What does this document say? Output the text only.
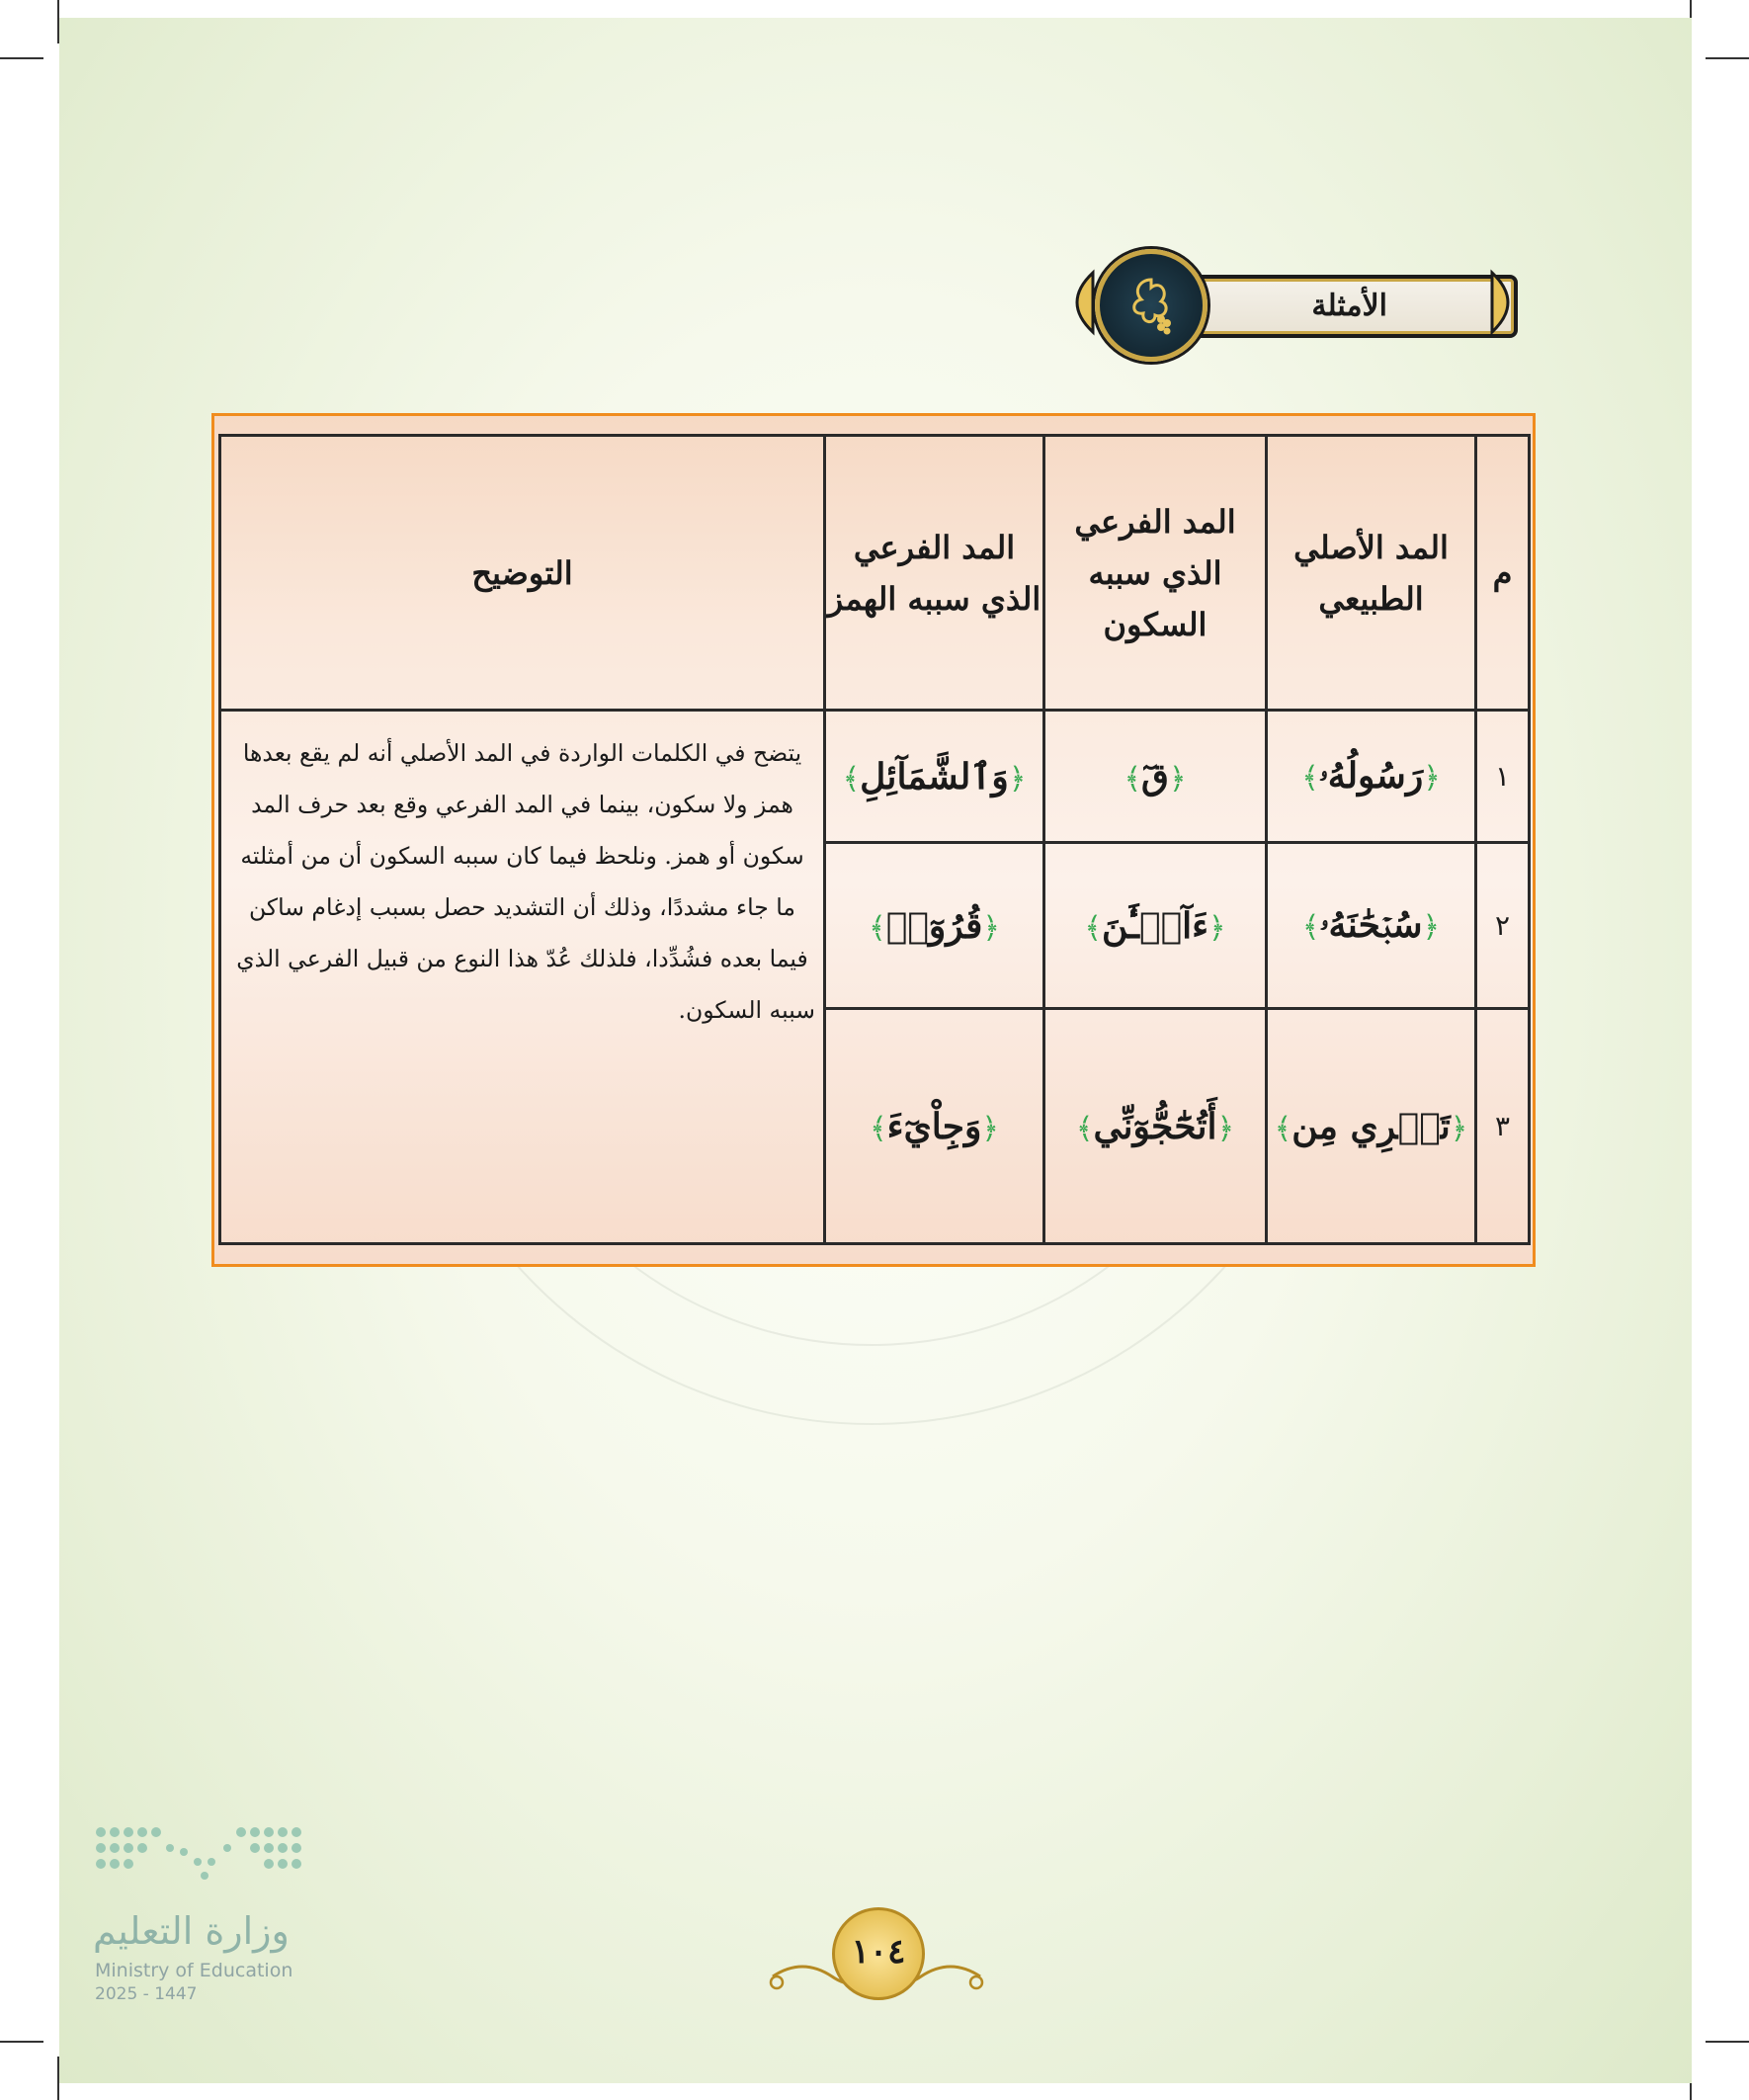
الأمثلة
م	المد الأصلي الطبيعي	المد الفرعي الذي سببه السكون	المد الفرعي الذي سببه الهمز	التوضيح
١	﴿رَسُولُهُۥ﴾	﴿قٓ﴾	﴿وَٱلشَّمَآئِلِ﴾	يتضح في الكلمات الواردة في المد الأصلي أنه لم يقع بعدها همز ولا سكون، بينما في المد الفرعي وقع بعد حرف المد سكون أو همز. ونلحظ فيما كان سببه السكون أن من أمثلته ما جاء مشددًا، وذلك أن التشديد حصل بسبب إدغام ساكن فيما بعده فشُدِّدا، فلذلك عُدّ هذا النوع من قبيل الفرعي الذي سببه السكون.

٢	﴿سُبۡحَٰنَهُۥ﴾	﴿ءَآلۡـَٰٔنَ﴾	﴿قُرُوٓءٖ﴾	
٣	﴿تَجۡرِي مِن﴾	﴿أَتُحَٰٓجُّوٓنِّي﴾	﴿وَجِاْيٓءَ﴾	
١٠٤
وزارة التعليم
Ministry of Education
2025 - 1447
